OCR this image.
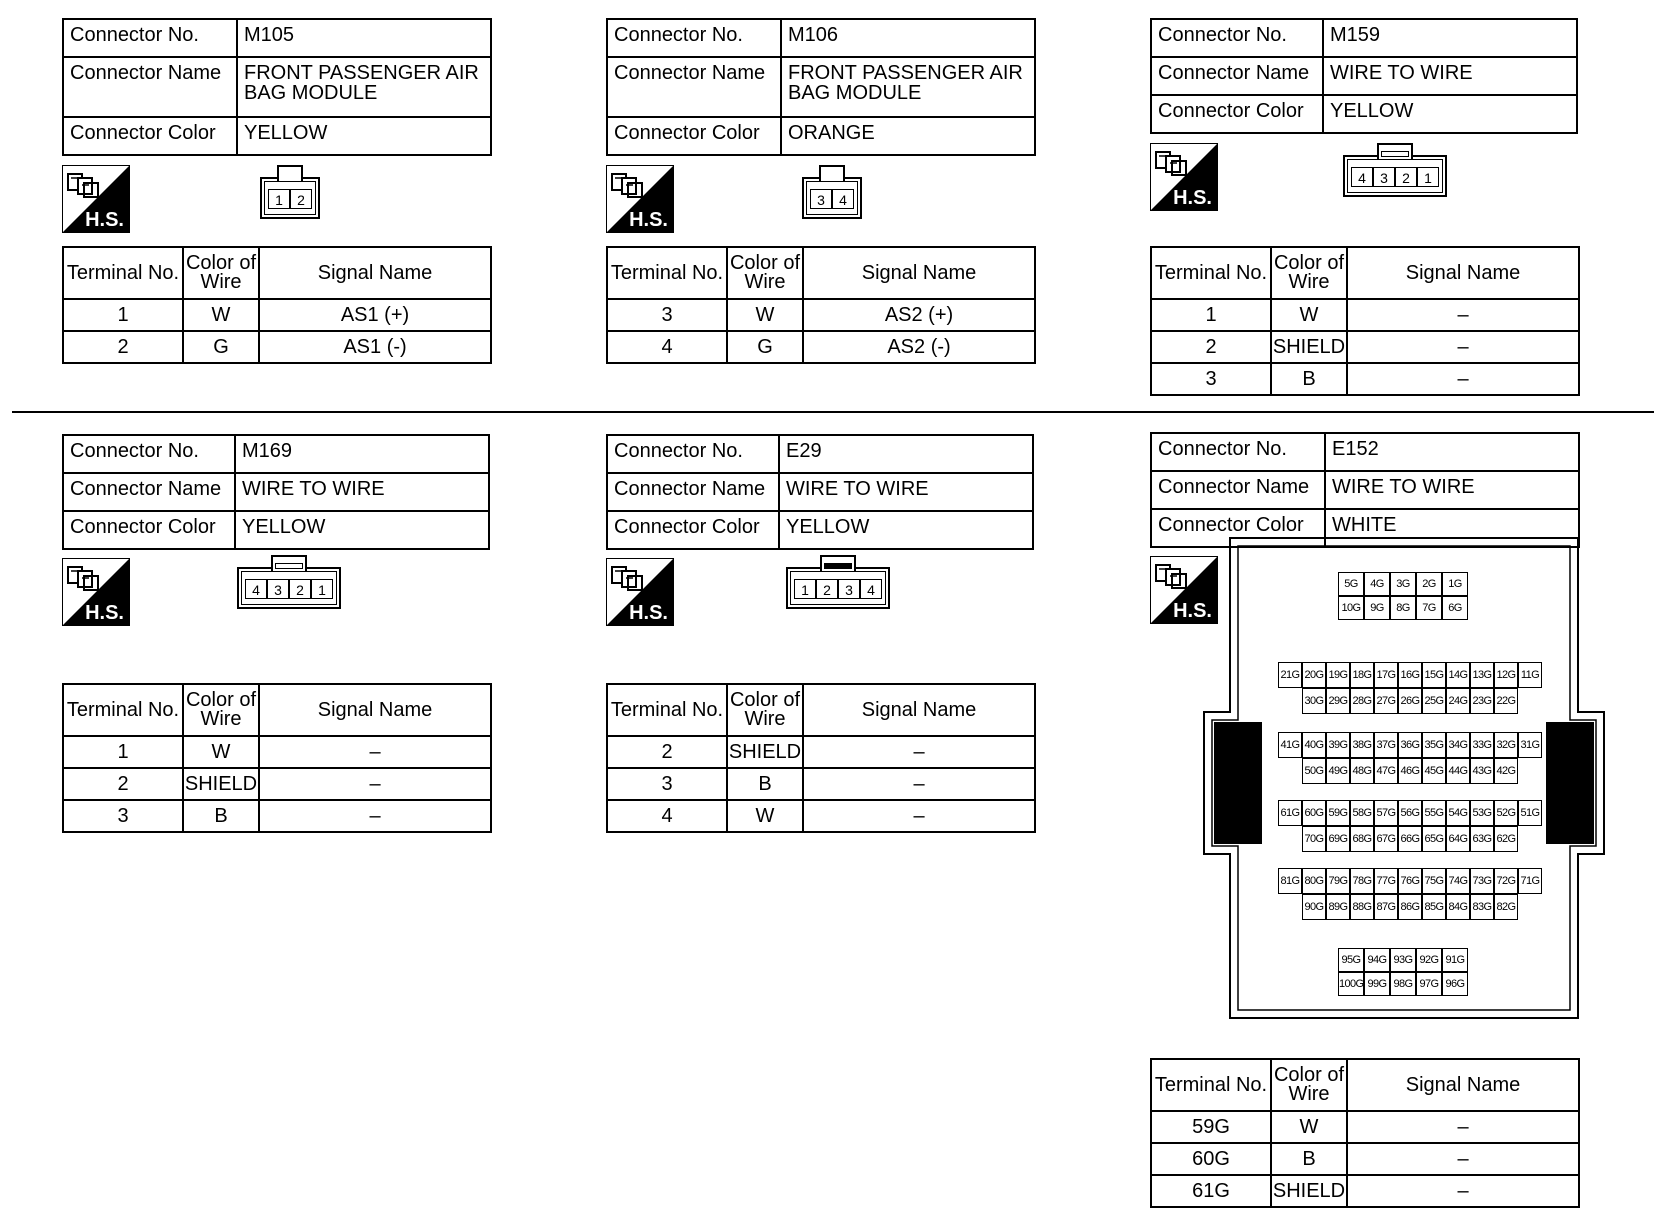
Connector No.	M105
Connector Name	FRONT PASSENGER AIR BAG MODULE
Connector Color	YELLOW
H.S.
1	2
Terminal No.	Color of Wire	Signal Name
1	W	AS1 (+)
2	G	AS1 (-)
Connector No.	M106
Connector Name	FRONT PASSENGER AIR BAG MODULE
Connector Color	ORANGE
H.S.
3	4
Terminal No.	Color of Wire	Signal Name
3	W	AS2 (+)
4	G	AS2 (-)
Connector No.	M159
Connector Name	WIRE TO WIRE
Connector Color	YELLOW
H.S.
4	3	2	1
Terminal No.	Color of Wire	Signal Name
1	W	–
2	SHIELD	–
3	B	–
Connector No.	M169
Connector Name	WIRE TO WIRE
Connector Color	YELLOW
H.S.
4	3	2	1
Terminal No.	Color of Wire	Signal Name
1	W	–
2	SHIELD	–
3	B	–
Connector No.	E29
Connector Name	WIRE TO WIRE
Connector Color	YELLOW
H.S.
1	2	3	4
Terminal No.	Color of Wire	Signal Name
2	SHIELD	–
3	B	–
4	W	–
Connector No.	E152
Connector Name	WIRE TO WIRE
Connector Color	WHITE
H.S.
5G	4G	3G	2G	1G
10G 9G	8G	7G	6G
21G 20G 19G 18G 17G 16G 15G 14G 13G 12G 11G
30G 29G 28G 27G 26G 25G 24G 23G 22G
41G 40G 39G 38G 37G 36G 35G 34G 33G 32G 31G
50G 49G 48G 47G 46G 45G 44G 43G 42G
61G 60G 59G 58G 57G 56G 55G 54G 53G 52G 51G
70G 69G 68G 67G 66G 65G 64G 63G 62G
81G 80G 79G 78G 77G 76G 75G 74G 73G 72G 71G
90G 89G 88G 87G 86G 85G 84G 83G 82G
95G 94G 93G 92G 91G
100G 99G 98G 97G 96G
Terminal No.	Color of Wire	Signal Name
59G	W	–
60G	B	–
61G	SHIELD	–
